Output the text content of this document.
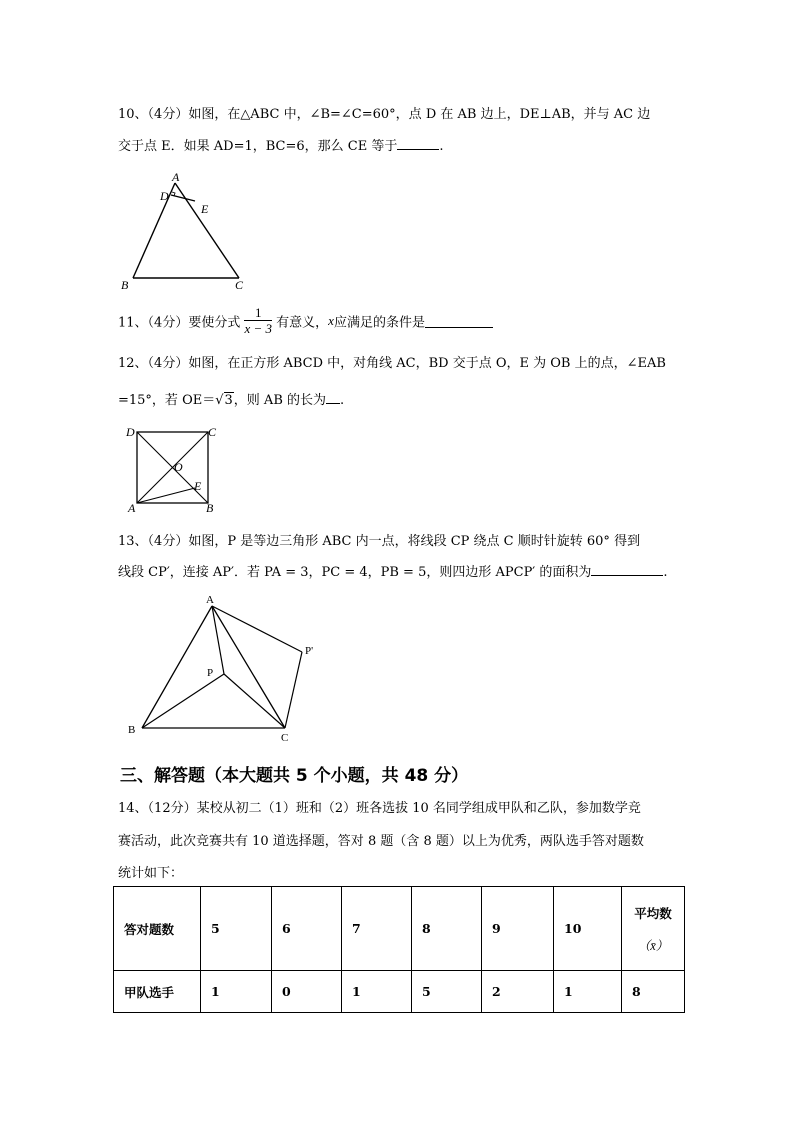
10、（4分）如图，在△ABC 中，∠B=∠C=60°，点 D 在 AB 边上，DE⊥AB，并与 AC 边
交于点 E．如果 AD=1，BC=6，那么 CE 等于	.
A
D
E
B	C
11、（4分）要使分式 $\frac{1}{x - 3}$ 有意义，x应满足的条件是
12、（4分）如图，在正方形 ABCD 中，对角线 AC，BD 交于点 O，E 为 OB 上的点，∠EAB
=15°，若 OE＝√3，则 AB 的长为 .
D	C
O
E
A	B
13、（4分）如图，P 是等边三角形 ABC 内一点，将线段 CP 绕点 C 顺时针旋转 60° 得到
线段 CP′，连接 AP′．若 PA = 3，PC = 4，PB = 5，则四边形 APCP′ 的面积为	.
A
P
P'
B
C
三、解答题（本大题共 5 个小题，共 48 分）
14、（12分）某校从初二（1）班和（2）班各选拔 10 名同学组成甲队和乙队，参加数学竞
赛活动，此次竞赛共有 10 道选择题，答对 8 题（含 8 题）以上为优秀，两队选手答对题数
统计如下：
答对题数	5	6	7	8	9	10	平均数
（x̄）

甲队选手	1	0	1	5	2	1	8
